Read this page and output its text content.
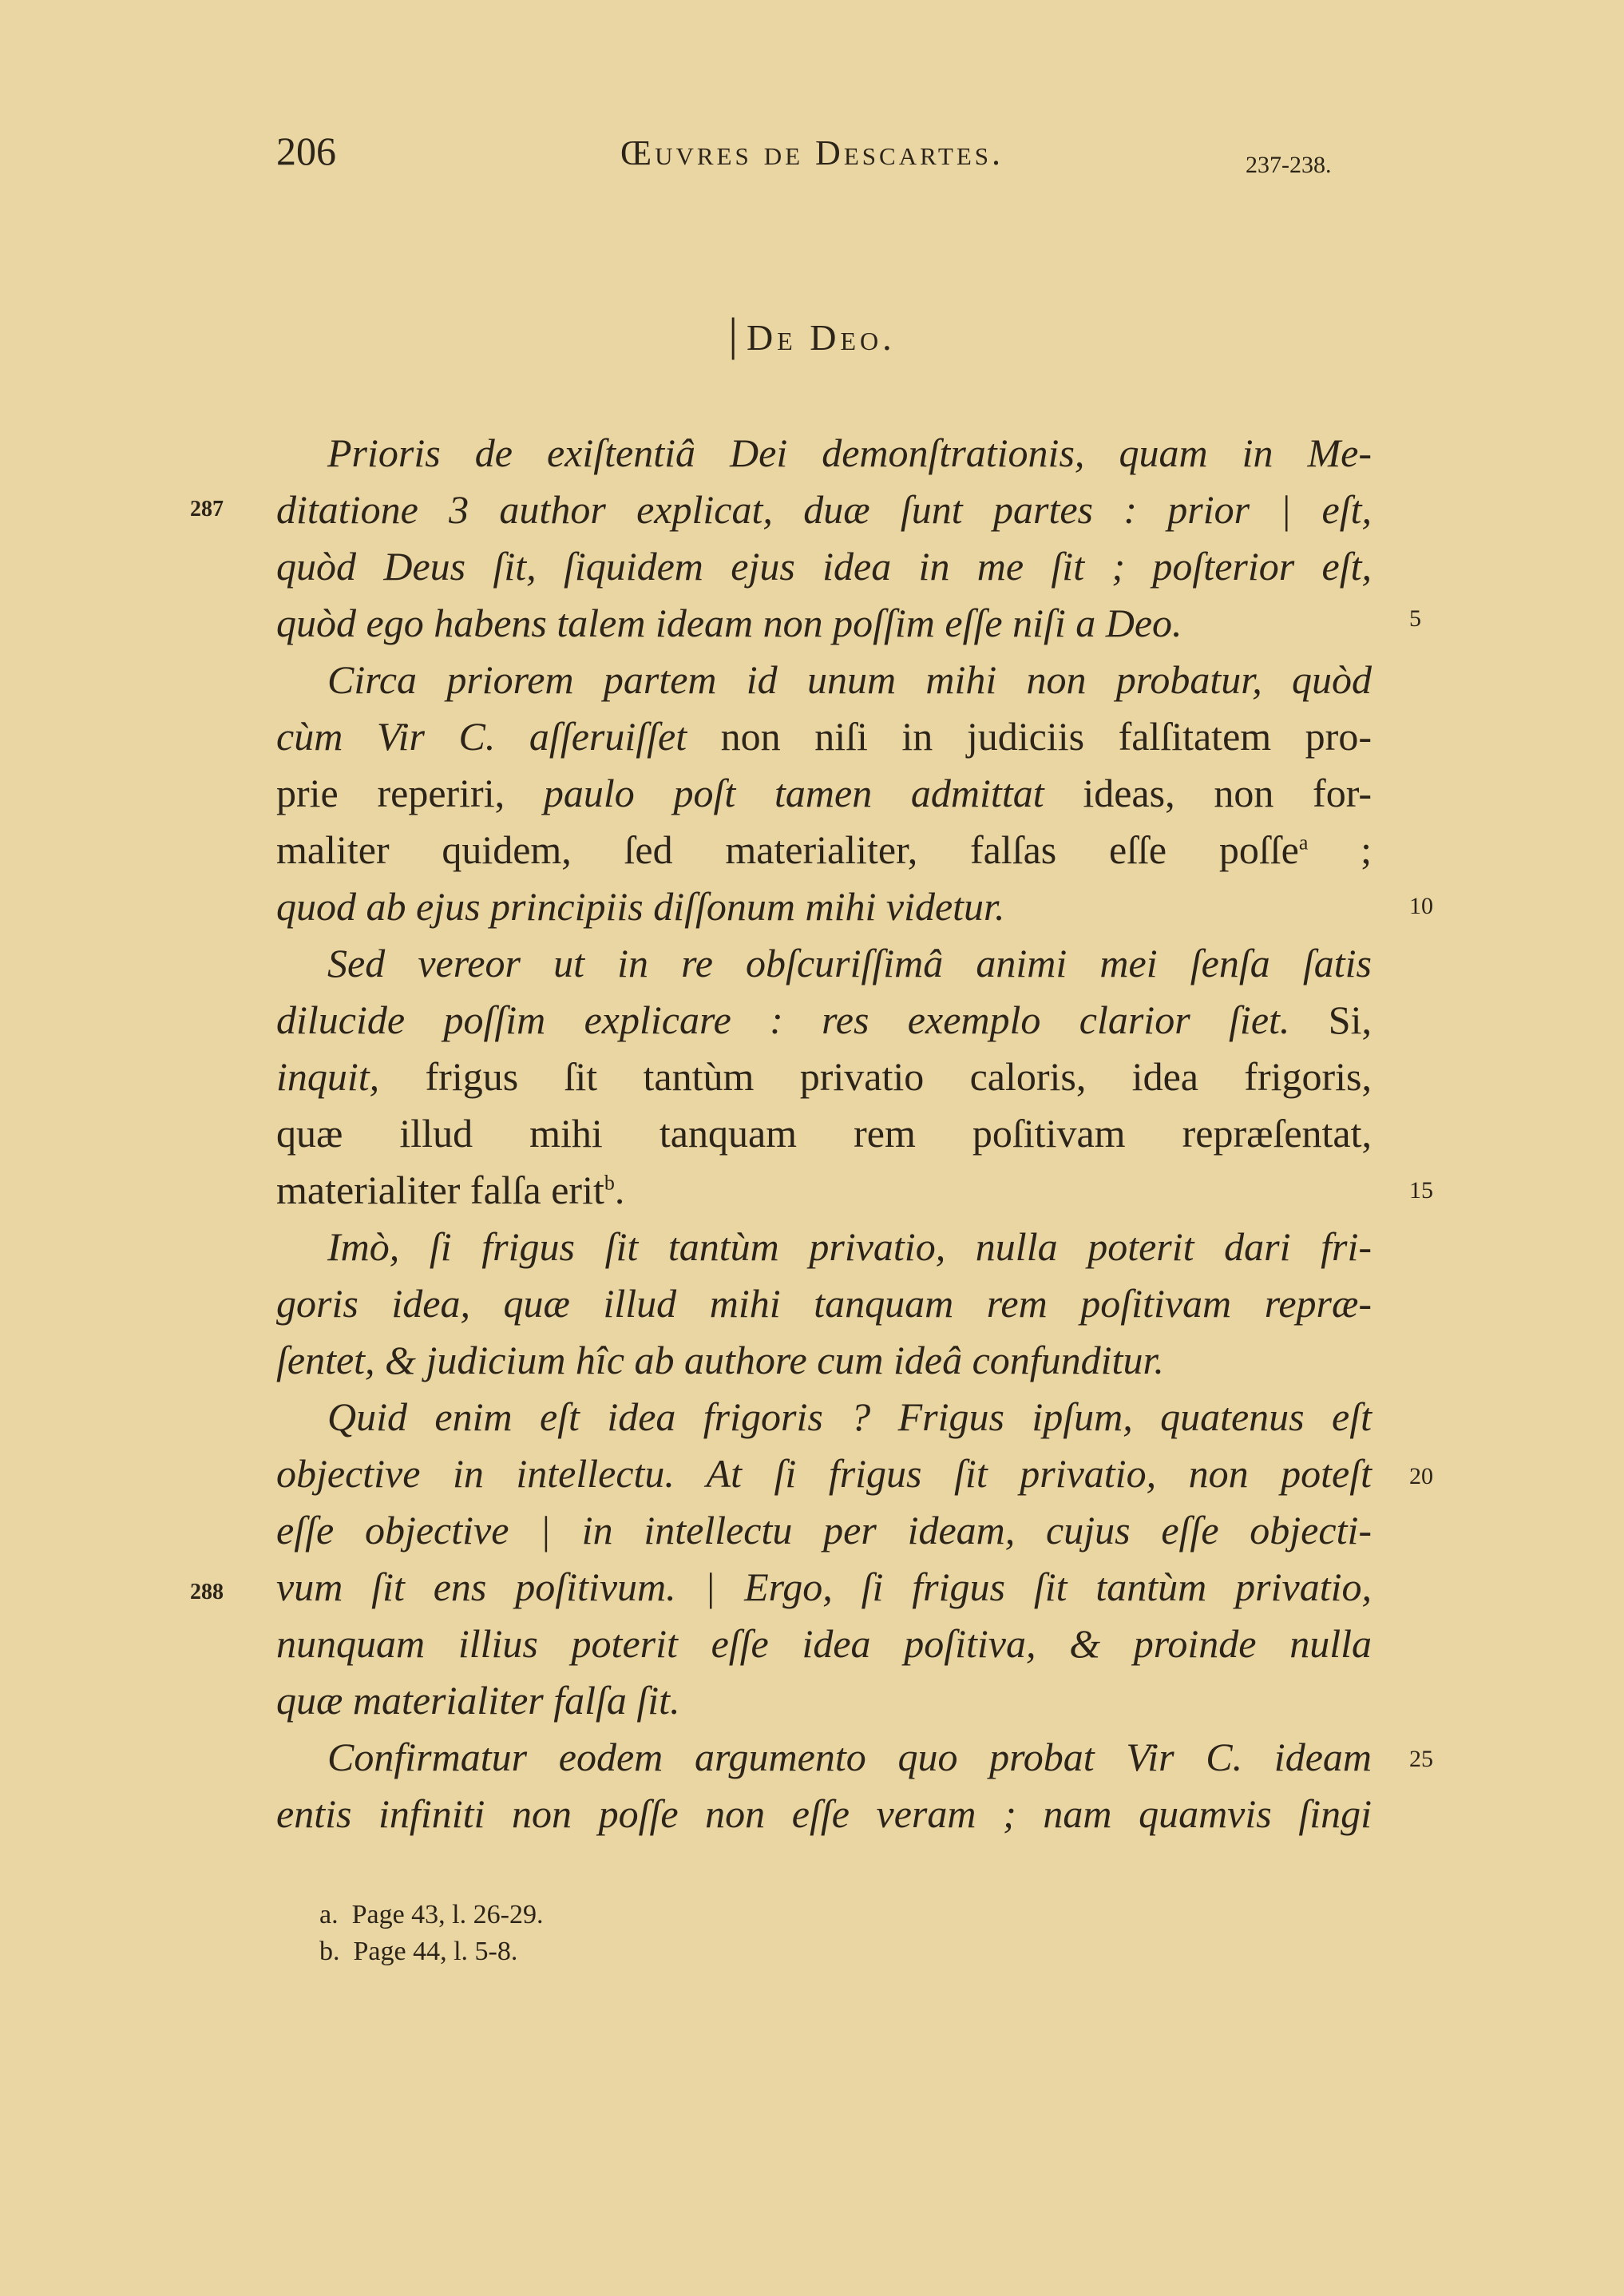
206	Œuvres de Descartes.	237-238.
| De Deo.
Prioris de exiſtentiâ Dei demonſtrationis, quam in Me-
ditatione 3 author explicat, duæ ſunt partes : prior | eſt,
quòd Deus ſit, ſiquidem ejus idea in me ſit ; poſterior eſt,
quòd ego habens talem ideam non poſſim eſſe niſi a Deo.
Circa priorem partem id unum mihi non probatur, quòd
cùm Vir C. aſſeruiſſet non niſi in judiciis falſitatem pro-
prie reperiri, paulo poſt tamen admittat ideas, non for-
maliter quidem, ſed materialiter, falſas eſſe poſſe$^a$ ;
quod ab ejus principiis diſſonum mihi videtur.
Sed vereor ut in re obſcuriſſimâ animi mei ſenſa ſatis
dilucide poſſim explicare : res exemplo clarior ſiet. Si,
inquit, frigus ſit tantùm privatio caloris, idea frigoris,
quæ illud mihi tanquam rem poſitivam repræſentat,
materialiter falſa erit$^b$.
Imò, ſi frigus ſit tantùm privatio, nulla poterit dari fri-
goris idea, quæ illud mihi tanquam rem poſitivam repræ-
ſentet, & judicium hîc ab authore cum ideâ confunditur.
Quid enim eſt idea frigoris ? Frigus ipſum, quatenus eſt
objective in intellectu. At ſi frigus ſit privatio, non poteſt
eſſe objective | in intellectu per ideam, cujus eſſe objecti-
vum ſit ens poſitivum. | Ergo, ſi frigus ſit tantùm privatio,
nunquam illius poterit eſſe idea poſitiva, & proinde nulla
quæ materialiter falſa ſit.
Confirmatur eodem argumento quo probat Vir C. ideam
entis infiniti non poſſe non eſſe veram ; nam quamvis ſingi
5
10
15
20
25
287
288
a. Page 43, l. 26-29.
b. Page 44, l. 5-8.
